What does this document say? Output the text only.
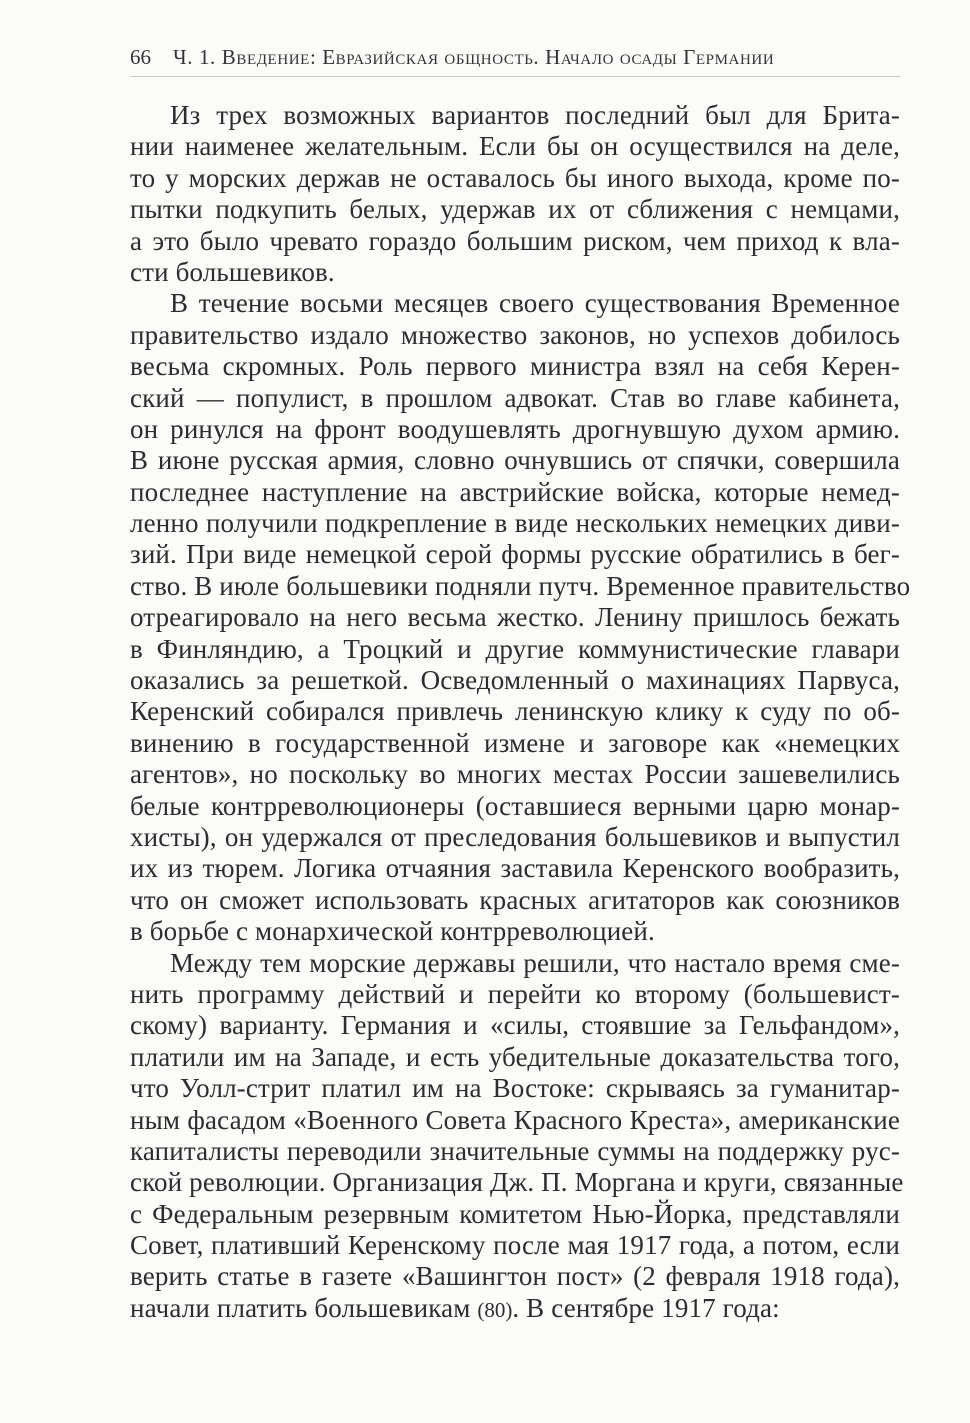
66 Ч. 1. Введение: Евразийская общность. Начало осады Германии
Из трех возможных вариантов последний был для Брита-
нии наименее желательным. Если бы он осуществился на деле,
то у морских держав не оставалось бы иного выхода, кроме по-
пытки подкупить белых, удержав их от сближения с немцами,
а это было чревато гораздо большим риском, чем приход к вла-
сти большевиков.
В течение восьми месяцев своего существования Временное
правительство издало множество законов, но успехов добилось
весьма скромных. Роль первого министра взял на себя Керен-
ский — популист, в прошлом адвокат. Став во главе кабинета,
он ринулся на фронт воодушевлять дрогнувшую духом армию.
В июне русская армия, словно очнувшись от спячки, совершила
последнее наступление на австрийские войска, которые немед-
ленно получили подкрепление в виде нескольких немецких диви-
зий. При виде немецкой серой формы русские обратились в бег-
ство. В июле большевики подняли путч. Временное правительство
отреагировало на него весьма жестко. Ленину пришлось бежать
в Финляндию, а Троцкий и другие коммунистические главари
оказались за решеткой. Осведомленный о махинациях Парвуса,
Керенский собирался привлечь ленинскую клику к суду по об-
винению в государственной измене и заговоре как «немецких
агентов», но поскольку во многих местах России зашевелились
белые контрреволюционеры (оставшиеся верными царю монар-
хисты), он удержался от преследования большевиков и выпустил
их из тюрем. Логика отчаяния заставила Керенского вообразить,
что он сможет использовать красных агитаторов как союзников
в борьбе с монархической контрреволюцией.
Между тем морские державы решили, что настало время сме-
нить программу действий и перейти ко второму (большевист-
скому) варианту. Германия и «силы, стоявшие за Гельфандом»,
платили им на Западе, и есть убедительные доказательства того,
что Уолл-стрит платил им на Востоке: скрываясь за гуманитар-
ным фасадом «Военного Совета Красного Креста», американские
капиталисты переводили значительные суммы на поддержку рус-
ской революции. Организация Дж. П. Моргана и круги, связанные
с Федеральным резервным комитетом Нью-Йорка, представляли
Совет, плативший Керенскому после мая 1917 года, а потом, если
верить статье в газете «Вашингтон пост» (2 февраля 1918 года),
начали платить большевикам (80). В сентябре 1917 года:
